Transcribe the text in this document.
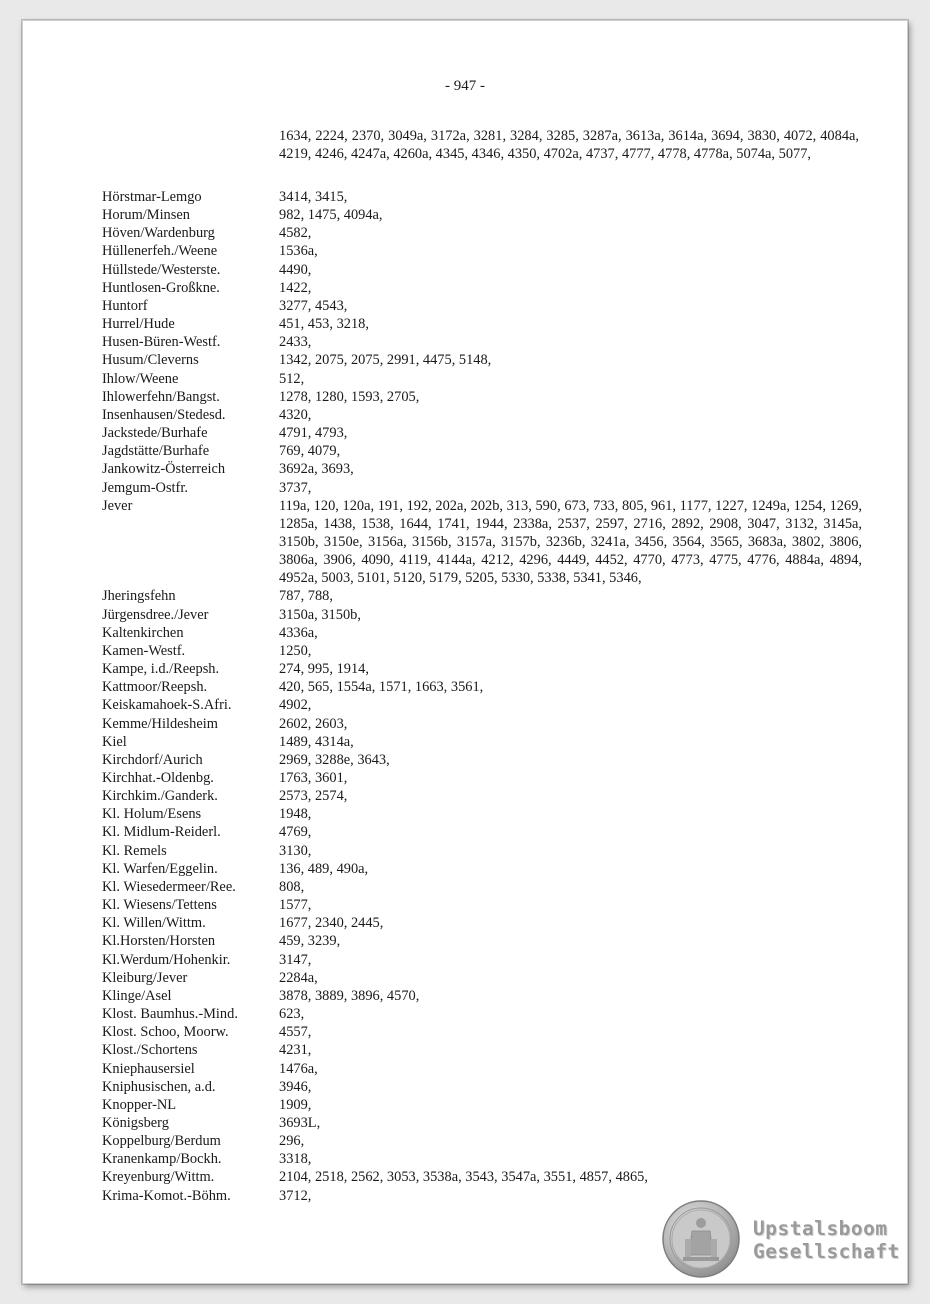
- 947 -
1634, 2224, 2370, 3049a, 3172a, 3281, 3284, 3285, 3287a, 3613a, 3614a, 3694, 3830, 4072, 4084a, 4219, 4246, 4247a, 4260a, 4345, 4346, 4350, 4702a, 4737, 4777, 4778, 4778a, 5074a, 5077,
Hörstmar-Lemgo	3414, 3415,
Horum/Minsen	982, 1475, 4094a,
Höven/Wardenburg	4582,
Hüllenerfeh./Weene	1536a,
Hüllstede/Westerste.	4490,
Huntlosen-Großkne.	1422,
Huntorf	3277, 4543,
Hurrel/Hude	451, 453, 3218,
Husen-Büren-Westf.	2433,
Husum/Cleverns	1342, 2075, 2075, 2991, 4475, 5148,
Ihlow/Weene	512,
Ihlowerfehn/Bangst.	1278, 1280, 1593, 2705,
Insenhausen/Stedesd.	4320,
Jackstede/Burhafe	4791, 4793,
Jagdstätte/Burhafe	769, 4079,
Jankowitz-Österreich	3692a, 3693,
Jemgum-Ostfr.	3737,
Jever	119a, 120, 120a, 191, 192, 202a, 202b, 313, 590, 673, 733, 805, 961, 1177, 1227, 1249a, 1254, 1269, 1285a, 1438, 1538, 1644, 1741, 1944, 2338a, 2537, 2597, 2716, 2892, 2908, 3047, 3132, 3145a, 3150b, 3150e, 3156a, 3156b, 3157a, 3157b, 3236b, 3241a, 3456, 3564, 3565, 3683a, 3802, 3806, 3806a, 3906, 4090, 4119, 4144a, 4212, 4296, 4449, 4452, 4770, 4773, 4775, 4776, 4884a, 4894, 4952a, 5003, 5101, 5120, 5179, 5205, 5330, 5338, 5341, 5346,
Jheringsfehn	787, 788,
Jürgensdree./Jever	3150a, 3150b,
Kaltenkirchen	4336a,
Kamen-Westf.	1250,
Kampe, i.d./Reepsh.	274, 995, 1914,
Kattmoor/Reepsh.	420, 565, 1554a, 1571, 1663, 3561,
Keiskamahoek-S.Afri.	4902,
Kemme/Hildesheim	2602, 2603,
Kiel	1489, 4314a,
Kirchdorf/Aurich	2969, 3288e, 3643,
Kirchhat.-Oldenbg.	1763, 3601,
Kirchkim./Ganderk.	2573, 2574,
Kl. Holum/Esens	1948,
Kl. Midlum-Reiderl.	4769,
Kl. Remels	3130,
Kl. Warfen/Eggelin.	136, 489, 490a,
Kl. Wiesedermeer/Ree.	808,
Kl. Wiesens/Tettens	1577,
Kl. Willen/Wittm.	1677, 2340, 2445,
Kl.Horsten/Horsten	459, 3239,
Kl.Werdum/Hohenkir.	3147,
Kleiburg/Jever	2284a,
Klinge/Asel	3878, 3889, 3896, 4570,
Klost. Baumhus.-Mind.	623,
Klost. Schoo, Moorw.	4557,
Klost./Schortens	4231,
Kniephausersiel	1476a,
Kniphusischen, a.d.	3946,
Knopper-NL	1909,
Königsberg	3693L,
Koppelburg/Berdum	296,
Kranenkamp/Bockh.	3318,
Kreyenburg/Wittm.	2104, 2518, 2562, 3053, 3538a, 3543, 3547a, 3551, 4857, 4865,
Krima-Komot.-Böhm.	3712,
Upstalsboom
Gesellschaft
